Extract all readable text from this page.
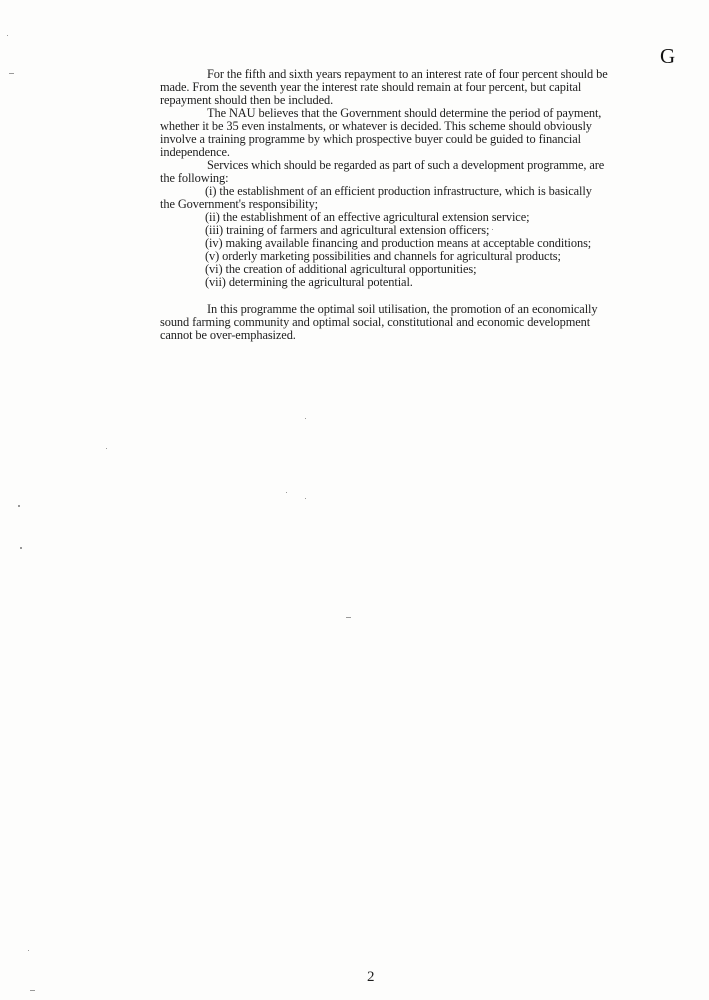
G
For the fifth and sixth years repayment to an interest rate of four percent should be
made. From the seventh year the interest rate should remain at four percent, but capital
repayment should then be included.
The NAU believes that the Government should determine the period of payment,
whether it be 35 even instalments, or whatever is decided. This scheme should obviously
involve a training programme by which prospective buyer could be guided to financial
independence.
Services which should be regarded as part of such a development programme, are
the following:
(i) the establishment of an efficient production infrastructure, which is basically
the Government's responsibility;
(ii) the establishment of an effective agricultural extension service;
(iii) training of farmers and agricultural extension officers;
(iv) making available financing and production means at acceptable conditions;
(v) orderly marketing possibilities and channels for agricultural products;
(vi) the creation of additional agricultural opportunities;
(vii) determining the agricultural potential.
In this programme the optimal soil utilisation, the promotion of an economically
sound farming community and optimal social, constitutional and economic development
cannot be over-emphasized.
2
